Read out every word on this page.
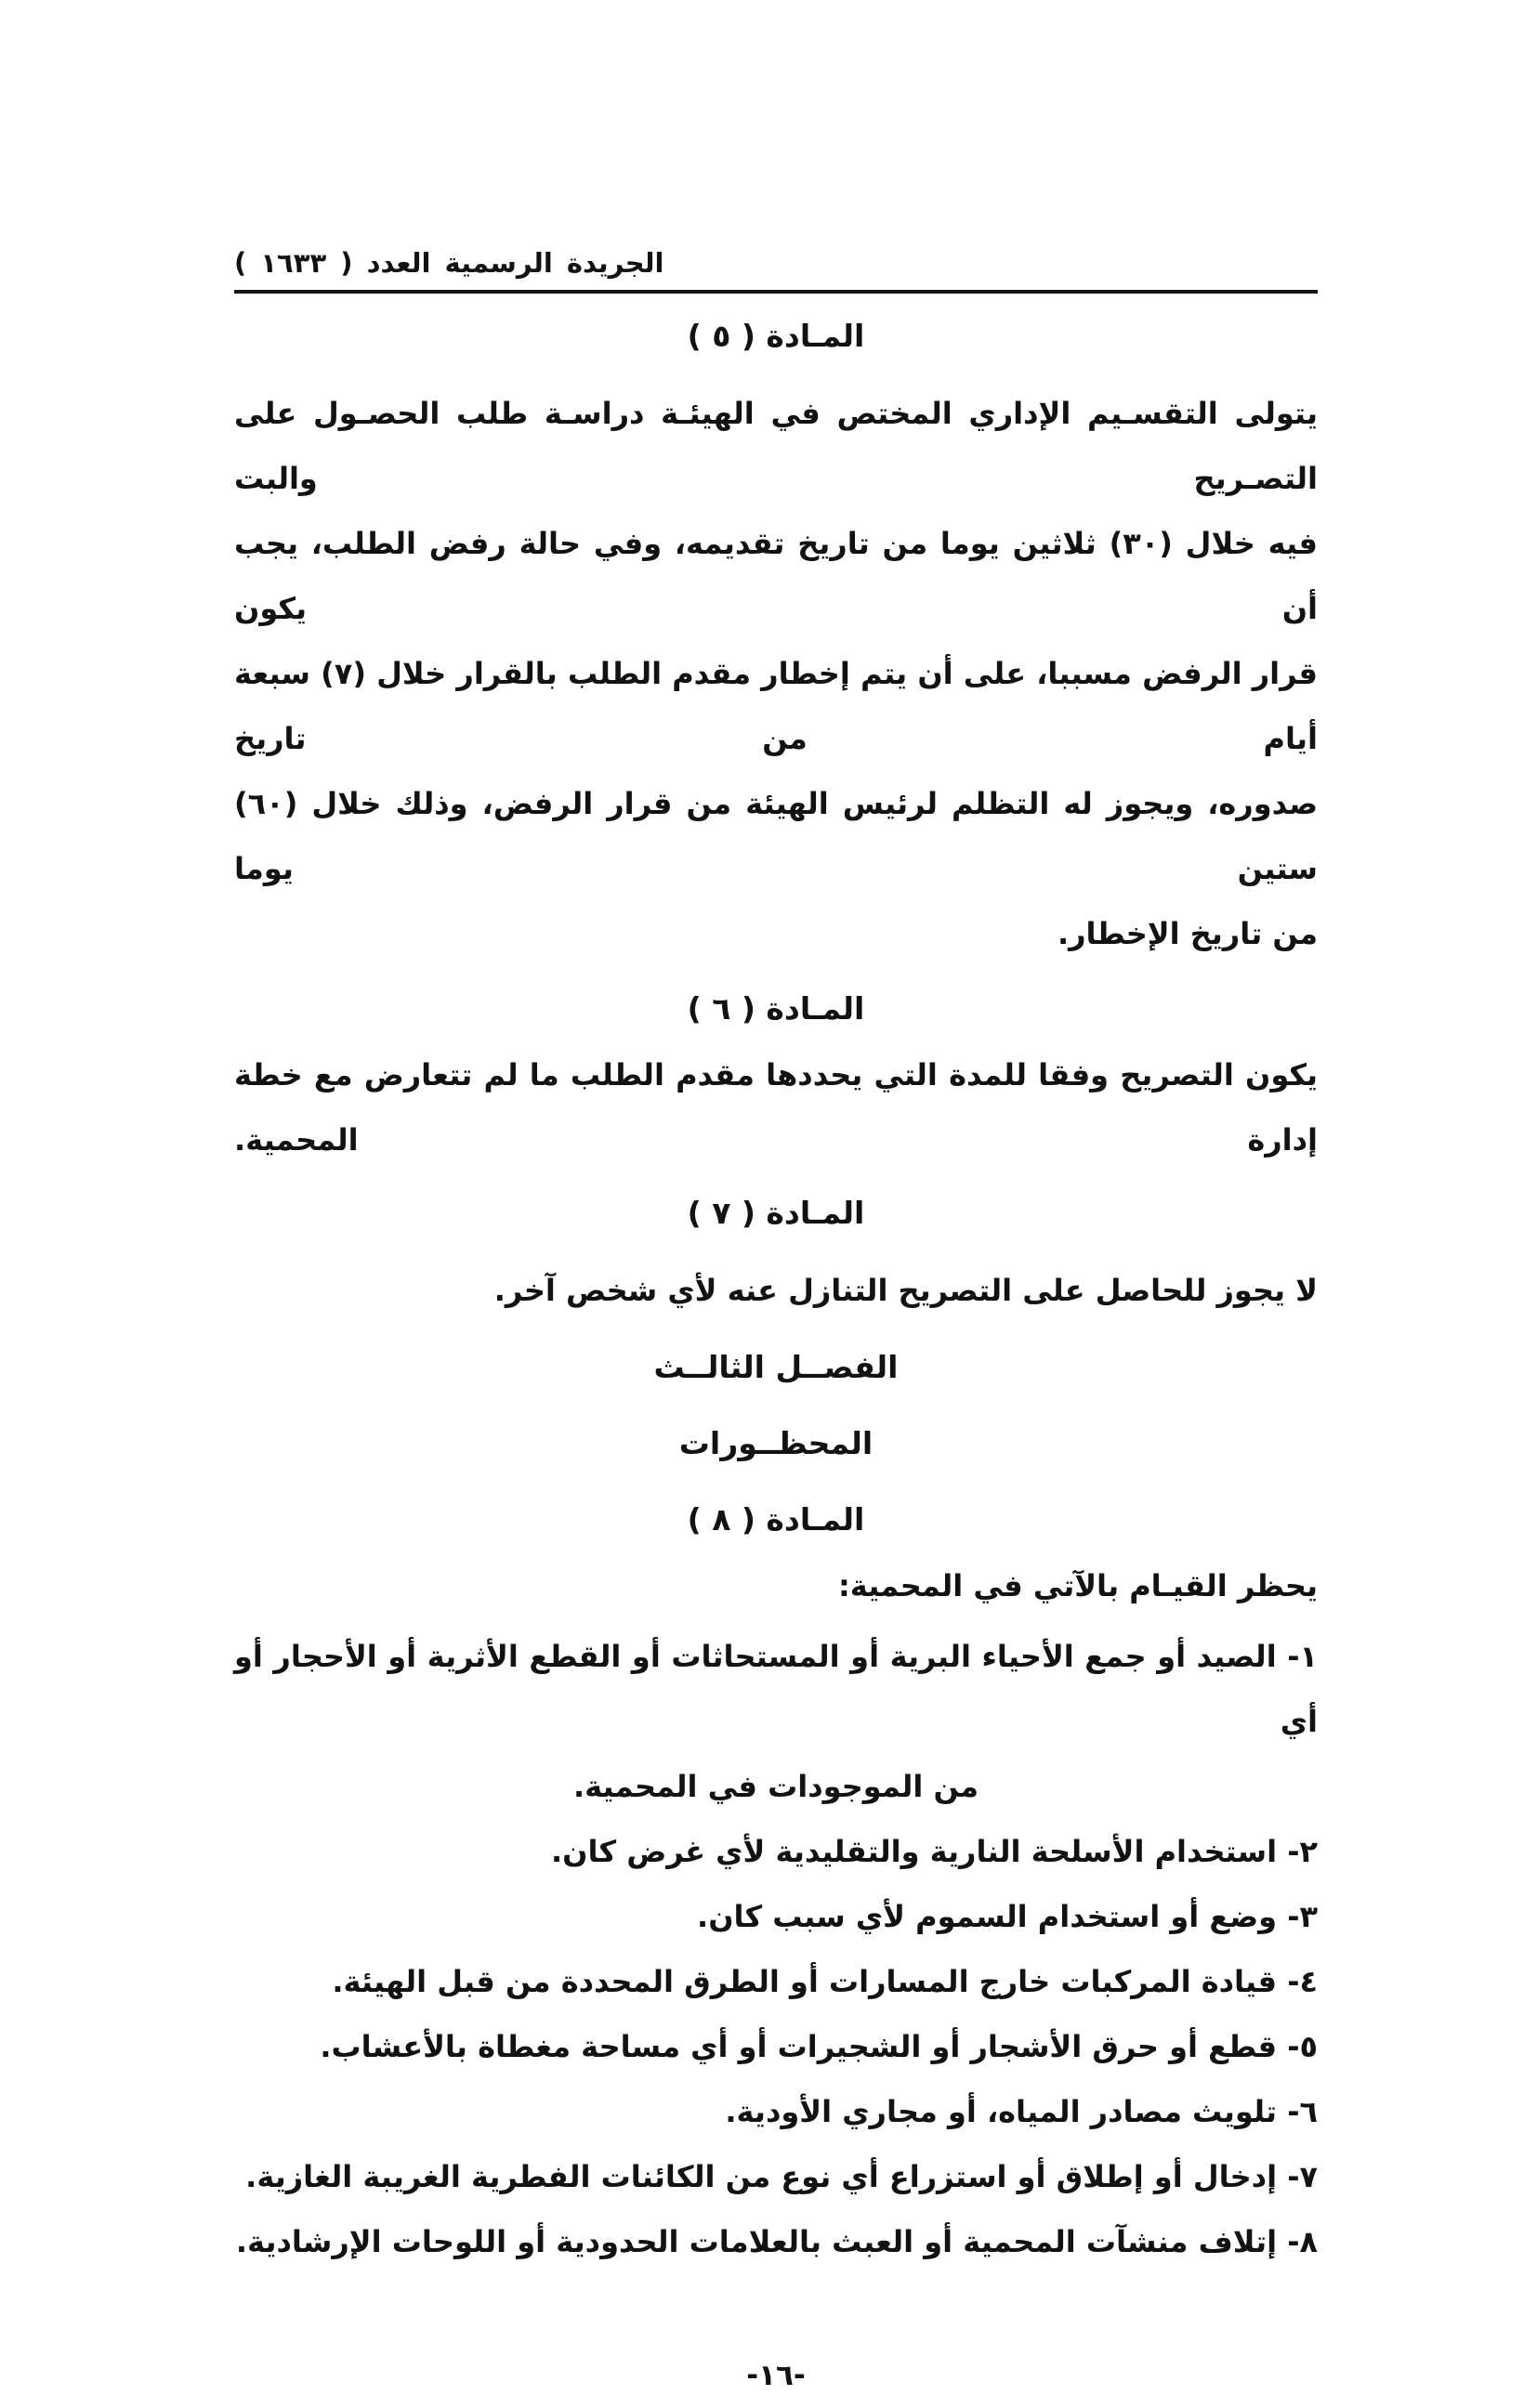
الجريدة الرسمية العدد ( ١٦٣٣ )
المـادة ( ٥ )
يتولى التقسـيم الإداري المختص في الهيئـة دراسـة طلب الحصـول على التصـريح والبت
فيه خلال (٣٠) ثلاثين يوما من تاريخ تقديمه، وفي حالة رفض الطلب، يجب أن يكون
قرار الرفض مسببا، على أن يتم إخطار مقدم الطلب بالقرار خلال (٧) سبعة أيام من تاريخ
صدوره، ويجوز له التظلم لرئيس الهيئة من قرار الرفض، وذلك خلال (٦٠) ستين يوما
من تاريخ الإخطار.
المـادة ( ٦ )
يكون التصريح وفقا للمدة التي يحددها مقدم الطلب ما لم تتعارض مع خطة إدارة المحمية.
المـادة ( ٧ )
لا يجوز للحاصل على التصريح التنازل عنه لأي شخص آخر.
الفصــل الثالــث
المحظــورات
المـادة ( ٨ )
يحظر القيـام بالآتي في المحمية:
١- الصيد أو جمع الأحياء البرية أو المستحاثات أو القطع الأثرية أو الأحجار أو أي
من الموجودات في المحمية.
٢- استخدام الأسلحة النارية والتقليدية لأي غرض كان.
٣- وضع أو استخدام السموم لأي سبب كان.
٤- قيادة المركبات خارج المسارات أو الطرق المحددة من قبل الهيئة.
٥- قطع أو حرق الأشجار أو الشجيرات أو أي مساحة مغطاة بالأعشاب.
٦- تلويث مصادر المياه، أو مجاري الأودية.
٧- إدخال أو إطلاق أو استزراع أي نوع من الكائنات الفطرية الغريبة الغازية.
٨- إتلاف منشآت المحمية أو العبث بالعلامات الحدودية أو اللوحات الإرشادية.
-١٦-
